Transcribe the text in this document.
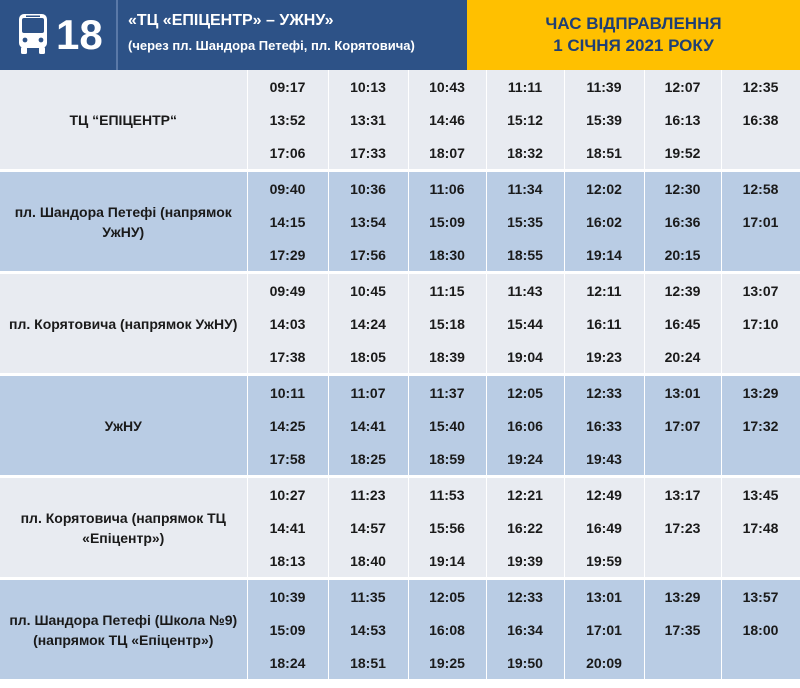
18	«ТЦ «ЕПІЦЕНТР» – УЖНУ»
(через пл. Шандора Петефі, пл. Корятовича)
ЧАС ВІДПРАВЛЕННЯ
1 СІЧНЯ 2021 РОКУ
ТЦ “ЕПІЦЕНТР“	09:17	10:13	10:43	11:11	11:39	12:07	12:35
	13:52	13:31	14:46	15:12	15:39	16:13	16:38
	17:06	17:33	18:07	18:32	18:51	19:52	
пл. Шандора Петефі (напрямок УжНУ)	09:40	10:36	11:06	11:34	12:02	12:30	12:58
	14:15	13:54	15:09	15:35	16:02	16:36	17:01
	17:29	17:56	18:30	18:55	19:14	20:15	
пл. Корятовича (напрямок УжНУ)	09:49	10:45	11:15	11:43	12:11	12:39	13:07
	14:03	14:24	15:18	15:44	16:11	16:45	17:10
	17:38	18:05	18:39	19:04	19:23	20:24	
УжНУ	10:11	11:07	11:37	12:05	12:33	13:01	13:29
	14:25	14:41	15:40	16:06	16:33	17:07	17:32
	17:58	18:25	18:59	19:24	19:43		
пл. Корятовича (напрямок ТЦ «Епіцентр»)	10:27	11:23	11:53	12:21	12:49	13:17	13:45
	14:41	14:57	15:56	16:22	16:49	17:23	17:48
	18:13	18:40	19:14	19:39	19:59		
пл. Шандора Петефі (Школа №9) (напрямок ТЦ «Епіцентр»)	10:39	11:35	12:05	12:33	13:01	13:29	13:57
	15:09	14:53	16:08	16:34	17:01	17:35	18:00
	18:24	18:51	19:25	19:50	20:09		
